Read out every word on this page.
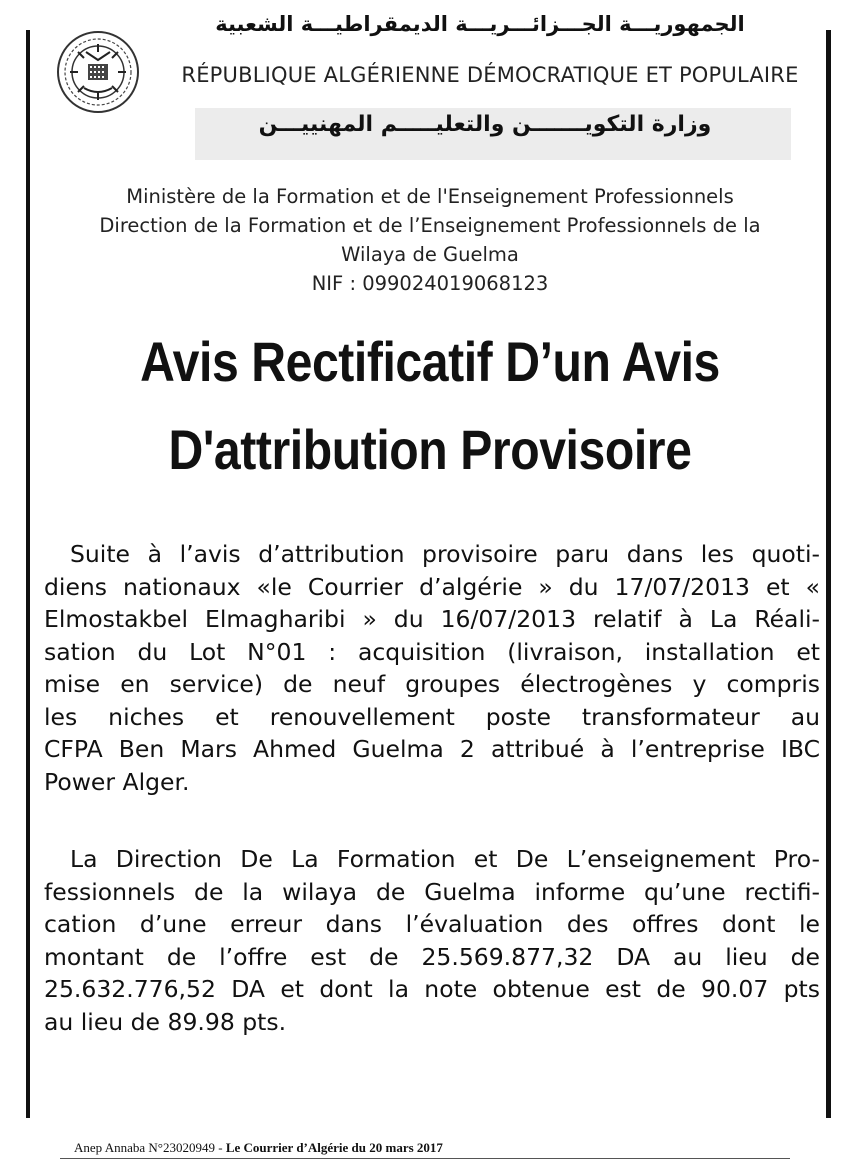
الجمهوريـــة الجـــزائـــريـــة الديمقراطيـــة الشعبية
RÉPUBLIQUE ALGÉRIENNE DÉMOCRATIQUE ET POPULAIRE
وزارة التكويـــــــن والتعليـــــم المهنييـــن
Ministère de la Formation et de l'Enseignement Professionnels
Direction de la Formation et de l’Enseignement Professionnels de la
Wilaya de Guelma
NIF : 099024019068123
Avis Rectificatif D’un Avis
D'attribution Provisoire
Suite à l’avis d’attribution provisoire paru dans les quoti-
diens nationaux «le Courrier d’algérie » du 17/07/2013 et «
Elmostakbel Elmagharibi » du 16/07/2013 relatif à La Réali-
sation du Lot N°01 : acquisition (livraison, installation et
mise en service) de neuf groupes électrogènes y compris
les niches et renouvellement poste transformateur au
CFPA Ben Mars Ahmed Guelma 2 attribué à l’entreprise IBC
Power Alger.
La Direction De La Formation et De L’enseignement Pro-
fessionnels de la wilaya de Guelma informe qu’une rectifi-
cation d’une erreur dans l’évaluation des offres dont le
montant de l’offre est de 25.569.877,32 DA au lieu de
25.632.776,52 DA et dont la note obtenue est de 90.07 pts
au lieu de 89.98 pts.
Anep Annaba N°23020949 - Le Courrier d’Algérie du 20 mars 2017
